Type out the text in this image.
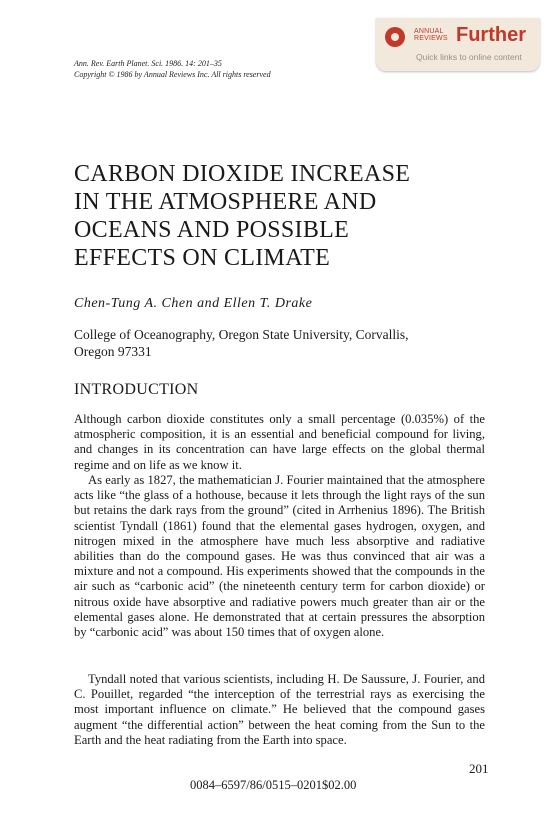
Ann. Rev. Earth Planet. Sci. 1986. 14: 201–35
Copyright © 1986 by Annual Reviews Inc. All rights reserved
ANNUAL
REVIEWS Further
Quick links to online content
CARBON DIOXIDE INCREASE
IN THE ATMOSPHERE AND
OCEANS AND POSSIBLE
EFFECTS ON CLIMATE
Chen-Tung A. Chen and Ellen T. Drake
College of Oceanography, Oregon State University, Corvallis,
Oregon 97331
INTRODUCTION
Although carbon dioxide constitutes only a small percentage (0.035%) of the atmospheric composition, it is an essential and beneficial compound for living, and changes in its concentration can have large effects on the global thermal regime and on life as we know it.
As early as 1827, the mathematician J. Fourier maintained that the atmosphere acts like “the glass of a hothouse, because it lets through the light rays of the sun but retains the dark rays from the ground” (cited in Arrhenius 1896). The British scientist Tyndall (1861) found that the elemental gases hydrogen, oxygen, and nitrogen mixed in the atmosphere have much less absorptive and radiative abilities than do the compound gases. He was thus convinced that air was a mixture and not a compound. His experiments showed that the compounds in the air such as “carbonic acid” (the nineteenth century term for carbon dioxide) or nitrous oxide have absorptive and radiative powers much greater than air or the elemental gases alone. He demonstrated that at certain pressures the absorption by “carbonic acid” was about 150 times that of oxygen alone.
Tyndall noted that various scientists, including H. De Saussure, J. Fourier, and C. Pouillet, regarded “the interception of the terrestrial rays as exercising the most important influence on climate.” He believed that the compound gases augment “the differential action” between the heat coming from the Sun to the Earth and the heat radiating from the Earth into space.
201
0084–6597/86/0515–0201$02.00
